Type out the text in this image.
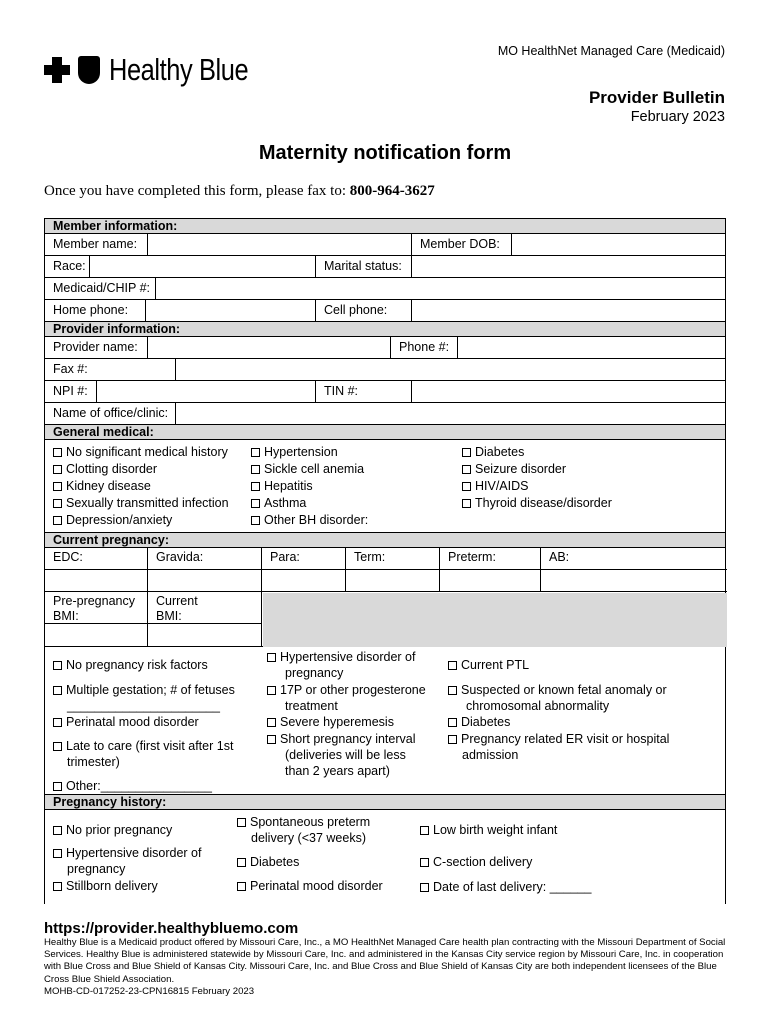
Healthy Blue
MO HealthNet Managed Care (Medicaid)
Provider Bulletin
February 2023
Maternity notification form
Once you have completed this form, please fax to: 800-964-3627
Member information:
Member name:	Member DOB:
Race:	Marital status:
Medicaid/CHIP #:
Home phone:	Cell phone:
Provider information:
Provider name:	Phone #:
Fax #:
NPI #:	TIN #:
Name of office/clinic:
General medical:
No significant medical history
Clotting disorder
Kidney disease
Sexually transmitted infection
Depression/anxiety
Hypertension
Sickle cell anemia
Hepatitis
Asthma
Other BH disorder:
Diabetes
Seizure disorder
HIV/AIDS
Thyroid disease/disorder
Current pregnancy:
EDC:	Gravida:	Para:	Term:	Preterm:	AB:
Pre-pregnancy
BMI:
Current
BMI:
No pregnancy risk factors
Multiple gestation; # of fetuses
______________________
Perinatal mood disorder
Late to care (first visit after 1st
trimester)
Other:________________
Hypertensive disorder of
pregnancy
17P or other progesterone
treatment
Severe hyperemesis
Short pregnancy interval
(deliveries will be less
than 2 years apart)
Current PTL
Suspected or known fetal anomaly or
chromosomal abnormality
Diabetes
Pregnancy related ER visit or hospital
admission
Pregnancy history:
No prior pregnancy
Hypertensive disorder of
pregnancy
Stillborn delivery
Spontaneous preterm
delivery (<37 weeks)
Diabetes
Perinatal mood disorder
Low birth weight infant
C-section delivery
Date of last delivery: ______
https://provider.healthybluemo.com
Healthy Blue is a Medicaid product offered by Missouri Care, Inc., a MO HealthNet Managed Care health plan contracting with the Missouri Department of Social Services. Healthy Blue is administered statewide by Missouri Care, Inc. and administered in the Kansas City service region by Missouri Care, Inc. in cooperation with Blue Cross and Blue Shield of Kansas City. Missouri Care, Inc. and Blue Cross and Blue Shield of Kansas City are both independent licensees of the Blue Cross Blue Shield Association.
MOHB-CD-017252-23-CPN16815 February 2023
